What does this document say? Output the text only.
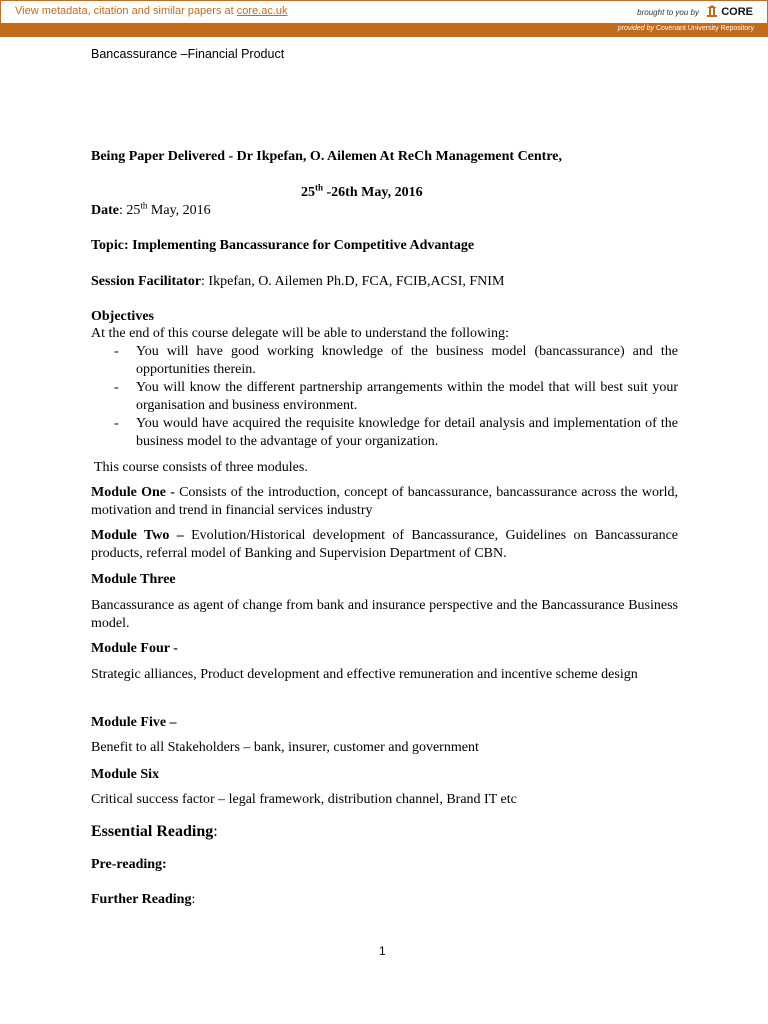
View metadata, citation and similar papers at core.ac.uk	brought to you by CORE
provided by Covenant University Repository
Bancassurance –Financial Product
Being Paper Delivered - Dr Ikpefan, O. Ailemen At ReCh Management Centre,
25th -26th May, 2016
Date: 25th May, 2016
Topic: Implementing Bancassurance for Competitive Advantage
Session Facilitator: Ikpefan, O. Ailemen Ph.D, FCA, FCIB,ACSI, FNIM
Objectives
At the end of this course delegate will be able to understand the following:
- You will have good working knowledge of the business model (bancassurance) and the opportunities therein.
- You will know the different partnership arrangements within the model that will best suit your organisation and business environment.
- You would have acquired the requisite knowledge for detail analysis and implementation of the business model to the advantage of your organization.
This course consists of three modules.
Module One - Consists of the introduction, concept of bancassurance, bancassurance across the world, motivation and trend in financial services industry
Module Two – Evolution/Historical development of Bancassurance, Guidelines on Bancassurance products, referral model of Banking and Supervision Department of CBN.
Module Three
Bancassurance as agent of change from bank and insurance perspective and the Bancassurance Business model.
Module Four -
Strategic alliances, Product development and effective remuneration and incentive scheme design
Module Five –
Benefit to all Stakeholders – bank, insurer, customer and government
Module Six
Critical success factor – legal framework, distribution channel, Brand IT etc
Essential Reading:
Pre-reading:
Further Reading:
1
